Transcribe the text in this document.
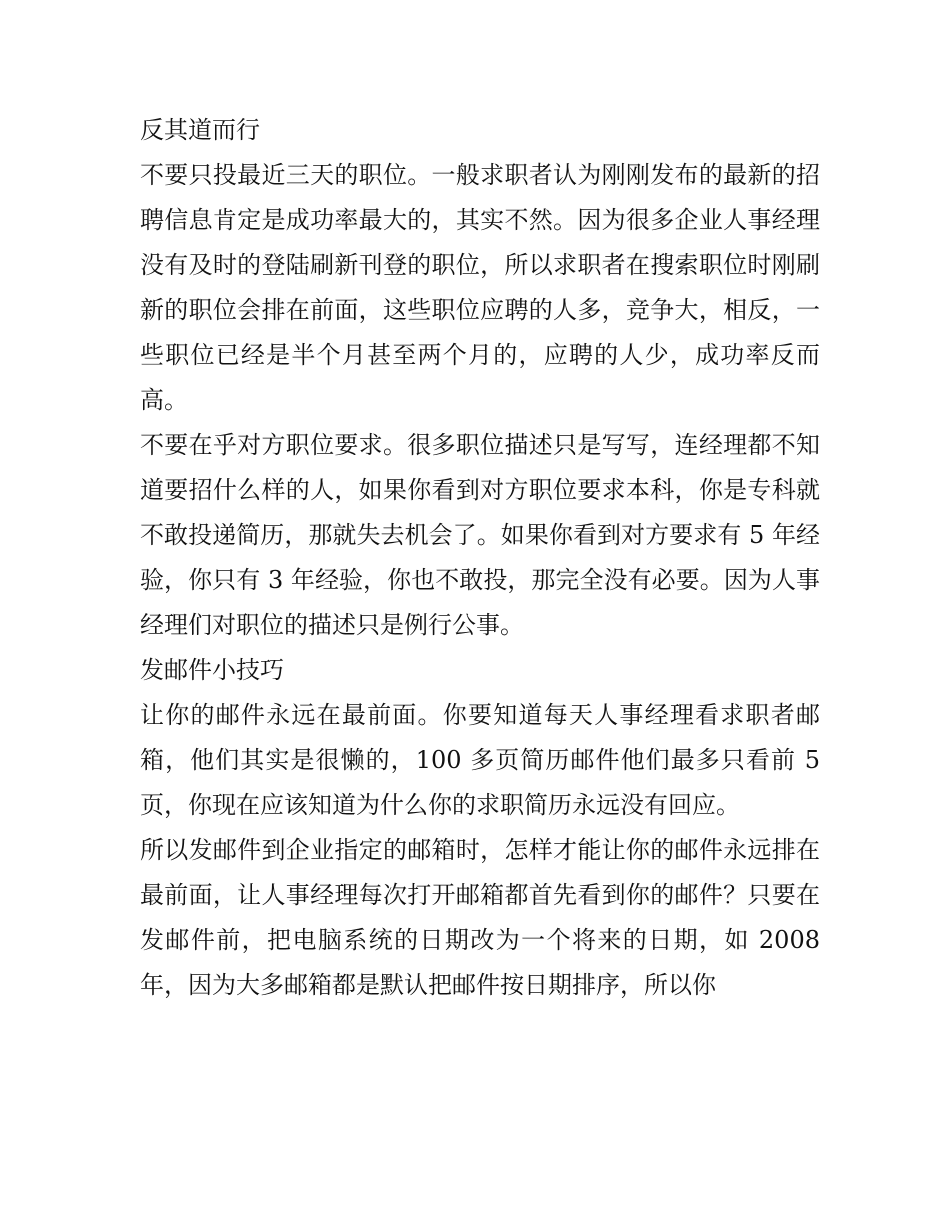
反其道而行

不要只投最近三天的职位。一般求职者认为刚刚发布的最新的招聘信息肯定是成功率最大的，其实不然。因为很多企业人事经理没有及时的登陆刷新刊登的职位，所以求职者在搜索职位时刚刷新的职位会排在前面，这些职位应聘的人多，竞争大，相反，一些职位已经是半个月甚至两个月的，应聘的人少，成功率反而高。

不要在乎对方职位要求。很多职位描述只是写写，连经理都不知道要招什么样的人，如果你看到对方职位要求本科，你是专科就不敢投递简历，那就失去机会了。如果你看到对方要求有 5 年经验，你只有 3 年经验，你也不敢投，那完全没有必要。因为人事经理们对职位的描述只是例行公事。

发邮件小技巧

让你的邮件永远在最前面。你要知道每天人事经理看求职者邮箱，他们其实是很懒的，100 多页简历邮件他们最多只看前 5 页，你现在应该知道为什么你的求职简历永远没有回应。

所以发邮件到企业指定的邮箱时，怎样才能让你的邮件永远排在最前面，让人事经理每次打开邮箱都首先看到你的邮件？只要在发邮件前，把电脑系统的日期改为一个将来的日期，如 2008 年，因为大多邮箱都是默认把邮件按日期排序，所以你
